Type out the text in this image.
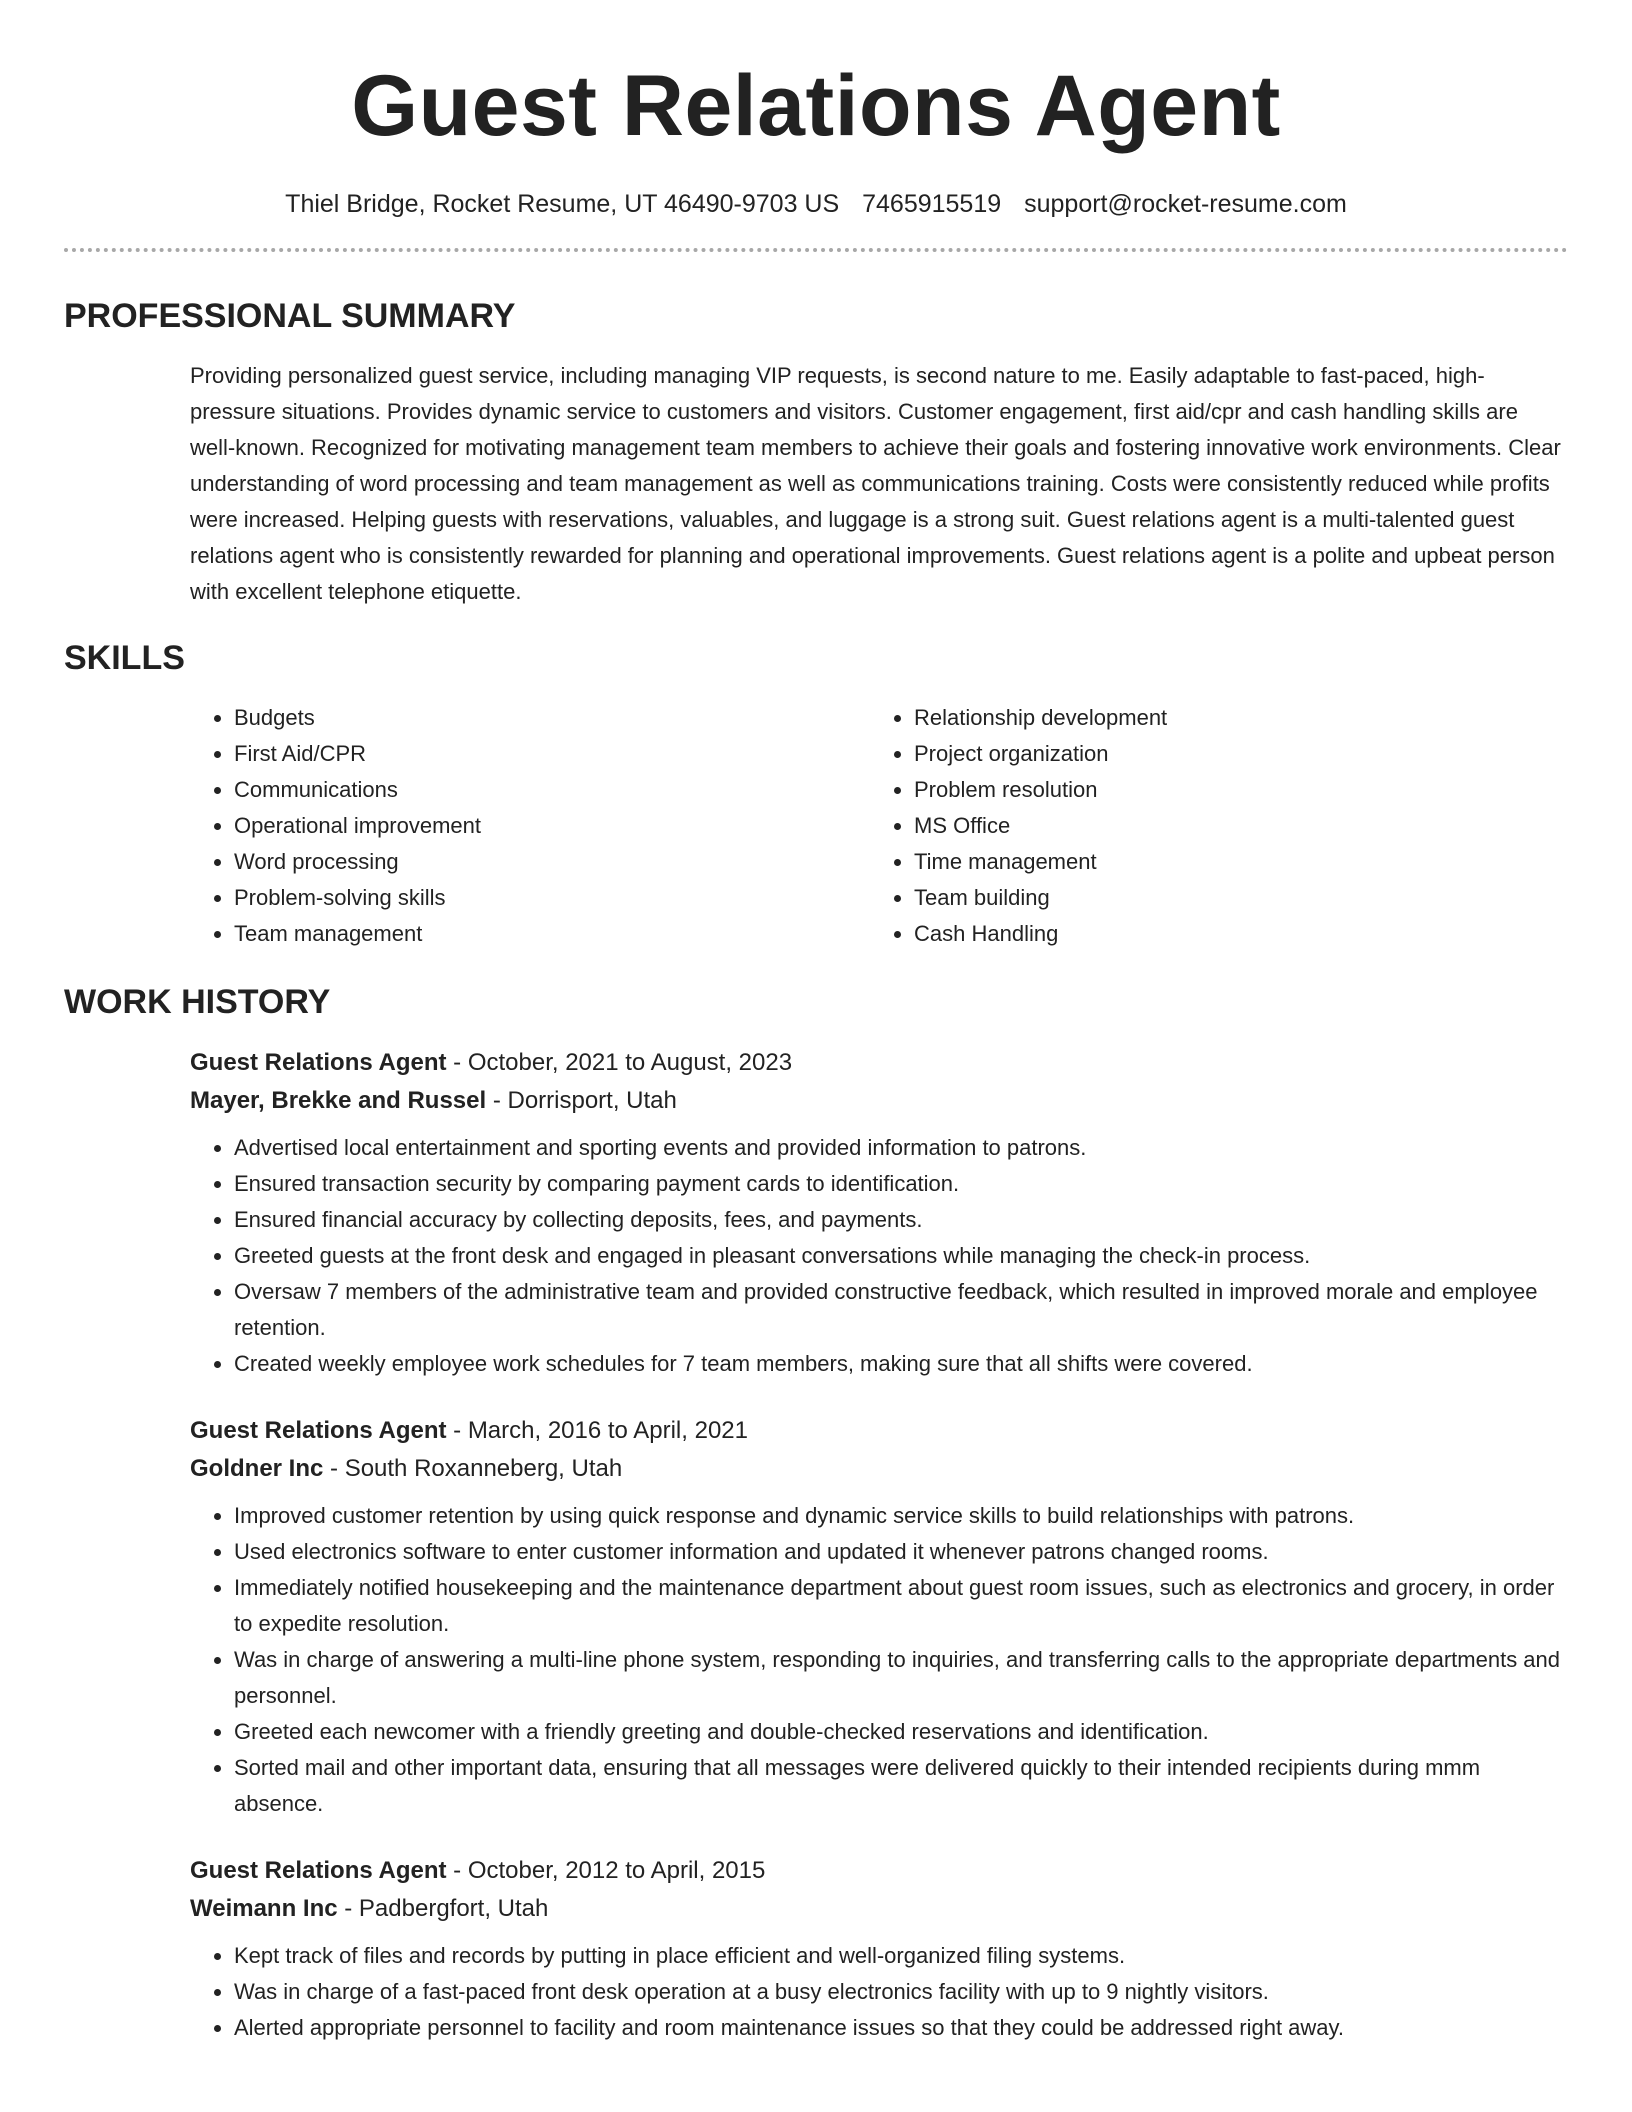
Guest Relations Agent
Thiel Bridge, Rocket Resume, UT 46490-9703 US 7465915519 support@rocket-resume.com
PROFESSIONAL SUMMARY

Providing personalized guest service, including managing VIP requests, is second nature to me. Easily adaptable to fast-paced, high-pressure situations. Provides dynamic service to customers and visitors. Customer engagement, first aid/cpr and cash handling skills are well-known. Recognized for motivating management team members to achieve their goals and fostering innovative work environments. Clear understanding of word processing and team management as well as communications training. Costs were consistently reduced while profits were increased. Helping guests with reservations, valuables, and luggage is a strong suit. Guest relations agent is a multi-talented guest relations agent who is consistently rewarded for planning and operational improvements. Guest relations agent is a polite and upbeat person with excellent telephone etiquette.

SKILLS
• Budgets
• First Aid/CPR
• Communications
• Operational improvement
• Word processing
• Problem-solving skills
• Team management
• Relationship development
• Project organization
• Problem resolution
• MS Office
• Time management
• Team building
• Cash Handling
WORK HISTORY
Guest Relations Agent - October, 2021 to August, 2023
Mayer, Brekke and Russel - Dorrisport, Utah
• Advertised local entertainment and sporting events and provided information to patrons.
• Ensured transaction security by comparing payment cards to identification.
• Ensured financial accuracy by collecting deposits, fees, and payments.
• Greeted guests at the front desk and engaged in pleasant conversations while managing the check-in process.
• Oversaw 7 members of the administrative team and provided constructive feedback, which resulted in improved morale and employee retention.
• Created weekly employee work schedules for 7 team members, making sure that all shifts were covered.
Guest Relations Agent - March, 2016 to April, 2021
Goldner Inc - South Roxanneberg, Utah
• Improved customer retention by using quick response and dynamic service skills to build relationships with patrons.
• Used electronics software to enter customer information and updated it whenever patrons changed rooms.
• Immediately notified housekeeping and the maintenance department about guest room issues, such as electronics and grocery, in order to expedite resolution.
• Was in charge of answering a multi-line phone system, responding to inquiries, and transferring calls to the appropriate departments and personnel.
• Greeted each newcomer with a friendly greeting and double-checked reservations and identification.
• Sorted mail and other important data, ensuring that all messages were delivered quickly to their intended recipients during mmm absence.
Guest Relations Agent - October, 2012 to April, 2015
Weimann Inc - Padbergfort, Utah
• Kept track of files and records by putting in place efficient and well-organized filing systems.
• Was in charge of a fast-paced front desk operation at a busy electronics facility with up to 9 nightly visitors.
• Alerted appropriate personnel to facility and room maintenance issues so that they could be addressed right away.
